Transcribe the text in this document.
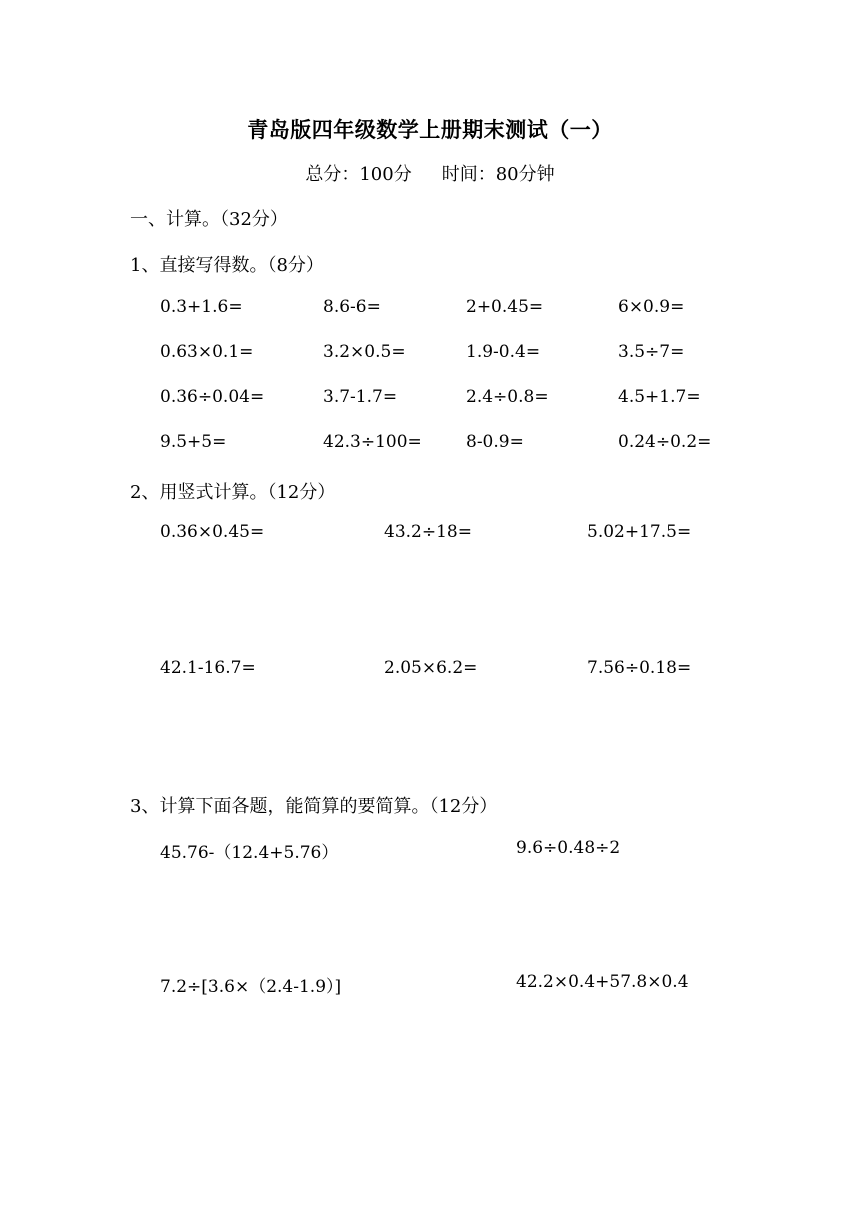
青岛版四年级数学上册期末测试（一）
总分：100分 时间：80分钟
一、计算。（32分）
1、直接写得数。（8分）
0.3+1.6=	8.6-6=	2+0.45=	6×0.9=
0.63×0.1=	3.2×0.5=	1.9-0.4=	3.5÷7=
0.36÷0.04=	3.7-1.7=	2.4÷0.8=	4.5+1.7=
9.5+5=	42.3÷100=	8-0.9=	0.24÷0.2=
2、用竖式计算。（12分）
0.36×0.45=	43.2÷18=	5.02+17.5=
42.1-16.7=	2.05×6.2=	7.56÷0.18=
3、计算下面各题，能简算的要简算。（12分）
45.76-（12.4+5.76）	9.6÷0.48÷2
7.2÷[3.6×（2.4-1.9）]	42.2×0.4+57.8×0.4
